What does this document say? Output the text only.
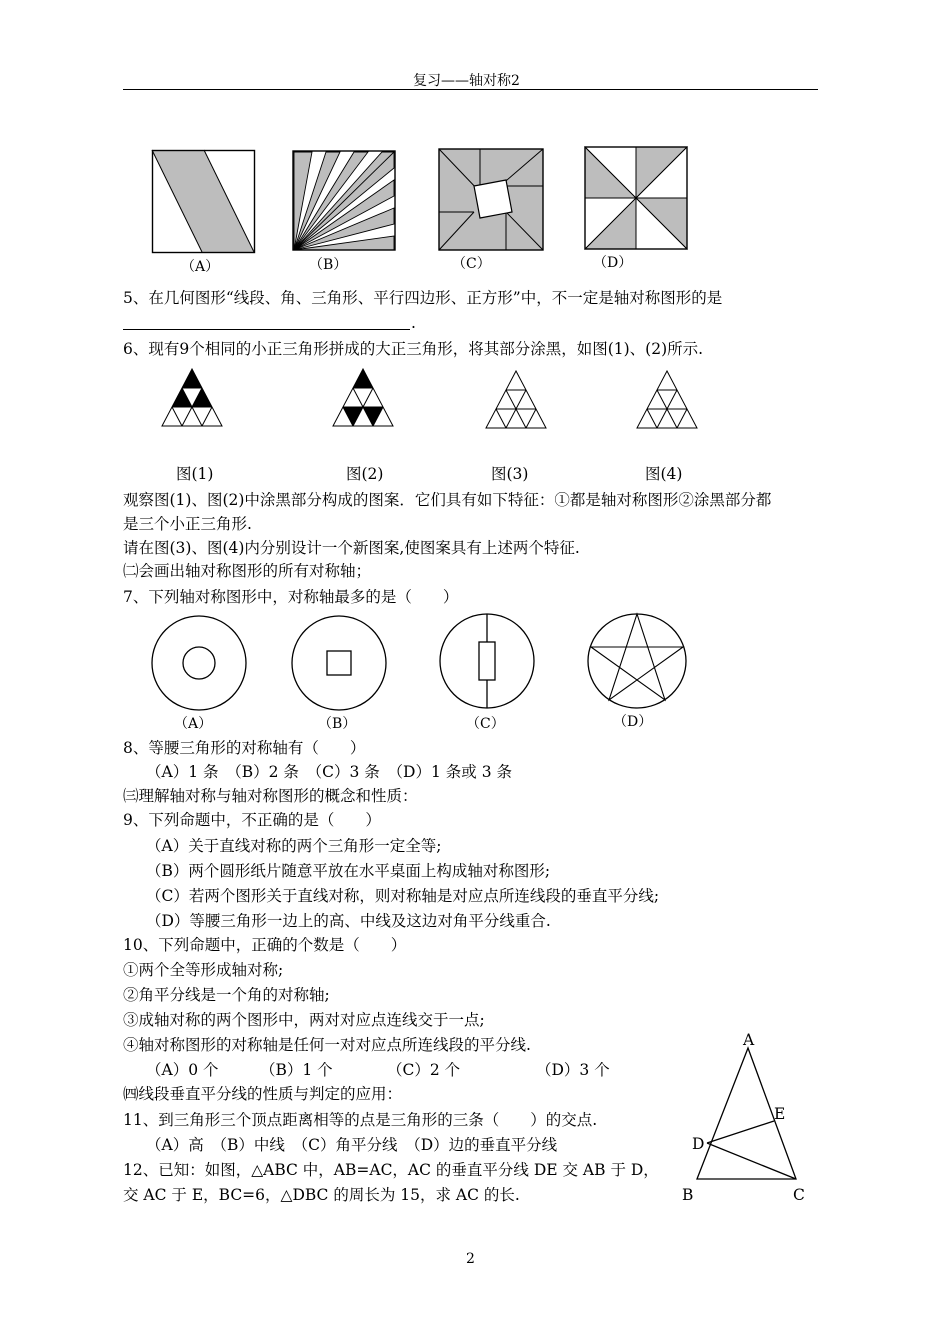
复习——轴对称2
（A）	（B）	（C）	（D）
5、在几何图形“线段、角、三角形、平行四边形、正方形”中，不一定是轴对称图形的是
.
6、现有9个相同的小正三角形拼成的大正三角形，将其部分涂黑，如图(1)、(2)所示.
图(1)	图(2)	图(3)	图(4)
观察图(1)、图(2)中涂黑部分构成的图案．它们具有如下特征：①都是轴对称图形②涂黑部分都
是三个小正三角形.
请在图(3)、图(4)内分别设计一个新图案,使图案具有上述两个特征.
㈡会画出轴对称图形的所有对称轴；
7、下列轴对称图形中，对称轴最多的是（　　）
（A）	（B）	（C）	（D）
8、等腰三角形的对称轴有（　　）
（A）1 条　（B）2 条　（C）3 条　（D）1 条或 3 条
㈢理解轴对称与轴对称图形的概念和性质：
9、下列命题中，不正确的是（　　）
（A）关于直线对称的两个三角形一定全等;
（B）两个圆形纸片随意平放在水平桌面上构成轴对称图形;
（C）若两个图形关于直线对称，则对称轴是对应点所连线段的垂直平分线;
（D）等腰三角形一边上的高、中线及这边对角平分线重合.
10、下列命题中，正确的个数是（　　）
①两个全等形成轴对称;
②角平分线是一个角的对称轴;
③成轴对称的两个图形中，两对对应点连线交于一点;
④轴对称图形的对称轴是任何一对对应点所连线段的平分线.
（A）0 个	（B）1 个	（C）2 个	（D）3 个
㈣线段垂直平分线的性质与判定的应用：
11、到三角形三个顶点距离相等的点是三角形的三条（　　）的交点.
（A）高　（B）中线　（C）角平分线　（D）边的垂直平分线
12、已知：如图，△ABC 中，AB=AC，AC 的垂直平分线 DE 交 AB 于 D，
交 AC 于 E，BC=6，△DBC 的周长为 15，求 AC 的长.
A
E
D
B	C
2
